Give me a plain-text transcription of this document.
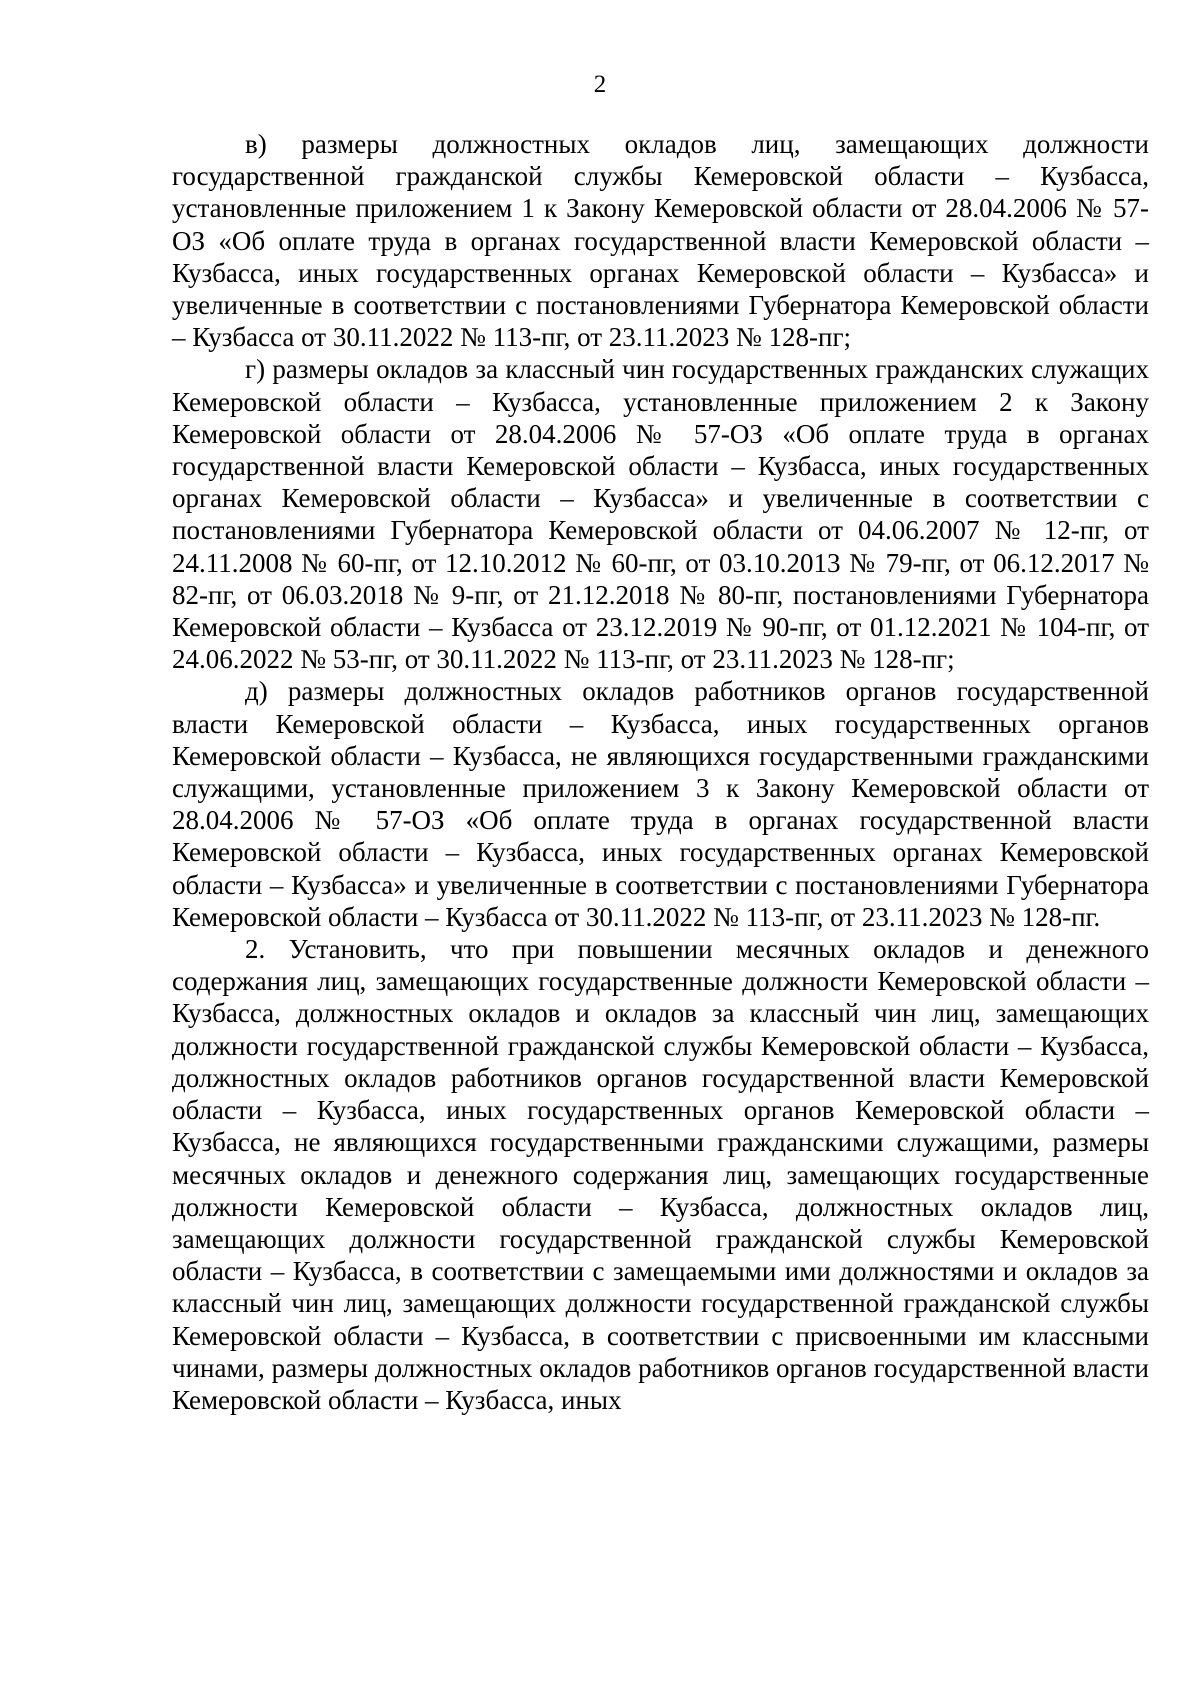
2

в) размеры должностных окладов лиц, замещающих должности государственной гражданской службы Кемеровской области – Кузбасса, установленные приложением 1 к Закону Кемеровской области от 28.04.2006 № 57-ОЗ «Об оплате труда в органах государственной власти Кемеровской области – Кузбасса, иных государственных органах Кемеровской области – Кузбасса» и увеличенные в соответствии с постановлениями Губернатора Кемеровской области – Кузбасса от 30.11.2022 № 113-пг, от 23.11.2023 № 128-пг;

г) размеры окладов за классный чин государственных гражданских служащих Кемеровской области – Кузбасса, установленные приложением 2 к Закону Кемеровской области от 28.04.2006 № 57-ОЗ «Об оплате труда в органах государственной власти Кемеровской области – Кузбасса, иных государственных органах Кемеровской области – Кузбасса» и увеличенные в соответствии с постановлениями Губернатора Кемеровской области от 04.06.2007 № 12-пг, от 24.11.2008 № 60-пг, от 12.10.2012 № 60-пг, от 03.10.2013 № 79-пг, от 06.12.2017 № 82-пг, от 06.03.2018 № 9-пг, от 21.12.2018 № 80-пг, постановлениями Губернатора Кемеровской области – Кузбасса от 23.12.2019 № 90-пг, от 01.12.2021 № 104-пг, от 24.06.2022 № 53-пг, от 30.11.2022 № 113-пг, от 23.11.2023 № 128-пг;

д) размеры должностных окладов работников органов государственной власти Кемеровской области – Кузбасса, иных государственных органов Кемеровской области – Кузбасса, не являющихся государственными гражданскими служащими, установленные приложением 3 к Закону Кемеровской области от 28.04.2006 № 57-ОЗ «Об оплате труда в органах государственной власти Кемеровской области – Кузбасса, иных государственных органах Кемеровской области – Кузбасса» и увеличенные в соответствии с постановлениями Губернатора Кемеровской области – Кузбасса от 30.11.2022 № 113-пг, от 23.11.2023 № 128-пг.

2. Установить, что при повышении месячных окладов и денежного содержания лиц, замещающих государственные должности Кемеровской области – Кузбасса, должностных окладов и окладов за классный чин лиц, замещающих должности государственной гражданской службы Кемеровской области – Кузбасса, должностных окладов работников органов государственной власти Кемеровской области – Кузбасса, иных государственных органов Кемеровской области – Кузбасса, не являющихся государственными гражданскими служащими, размеры месячных окладов и денежного содержания лиц, замещающих государственные должности Кемеровской области – Кузбасса, должностных окладов лиц, замещающих должности государственной гражданской службы Кемеровской области – Кузбасса, в соответствии с замещаемыми ими должностями и окладов за классный чин лиц, замещающих должности государственной гражданской службы Кемеровской области – Кузбасса, в соответствии с присвоенными им классными чинами, размеры должностных окладов работников органов государственной власти Кемеровской области – Кузбасса, иных
